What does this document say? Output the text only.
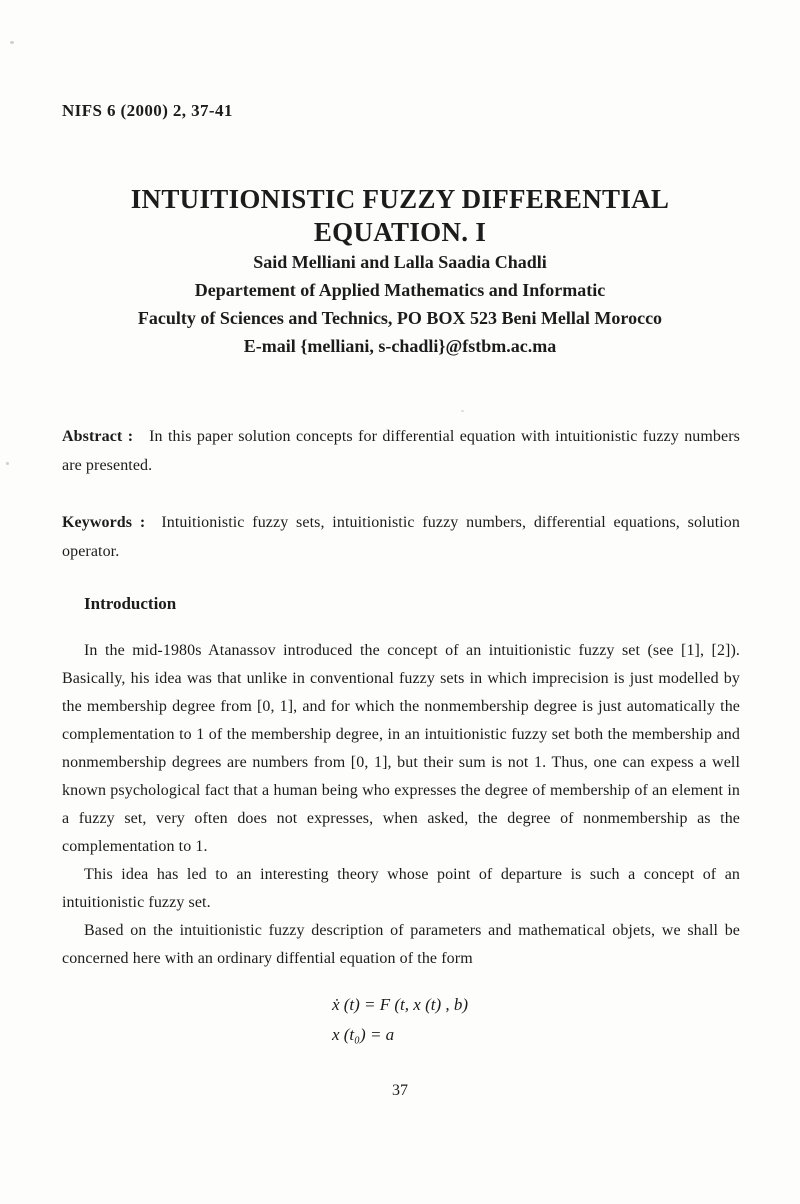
NIFS 6 (2000) 2, 37-41
INTUITIONISTIC FUZZY DIFFERENTIAL
EQUATION. I
Said Melliani and Lalla Saadia Chadli
Departement of Applied Mathematics and Informatic
Faculty of Sciences and Technics, PO BOX 523 Beni Mellal Morocco
E-mail {melliani, s-chadli}@fstbm.ac.ma

Abstract : In this paper solution concepts for differential equation with intuitionistic fuzzy numbers are presented.

Keywords : Intuitionistic fuzzy sets, intuitionistic fuzzy numbers, differential equations, solution operator.

Introduction

In the mid-1980s Atanassov introduced the concept of an intuitionistic fuzzy set (see [1], [2]). Basically, his idea was that unlike in conventional fuzzy sets in which imprecision is just modelled by the membership degree from [0, 1], and for which the nonmembership degree is just automatically the complementation to 1 of the membership degree, in an intuitionistic fuzzy set both the membership and nonmembership degrees are numbers from [0, 1], but their sum is not 1. Thus, one can expess a well known psychological fact that a human being who expresses the degree of membership of an element in a fuzzy set, very often does not expresses, when asked, the degree of nonmembership as the complementation to 1.

This idea has led to an interesting theory whose point of departure is such a concept of an intuitionistic fuzzy set.

Based on the intuitionistic fuzzy description of parameters and mathematical objets, we shall be concerned here with an ordinary diffential equation of the form

ẋ (t) = F (t, x (t) , b)
x (t₀) = a
37
